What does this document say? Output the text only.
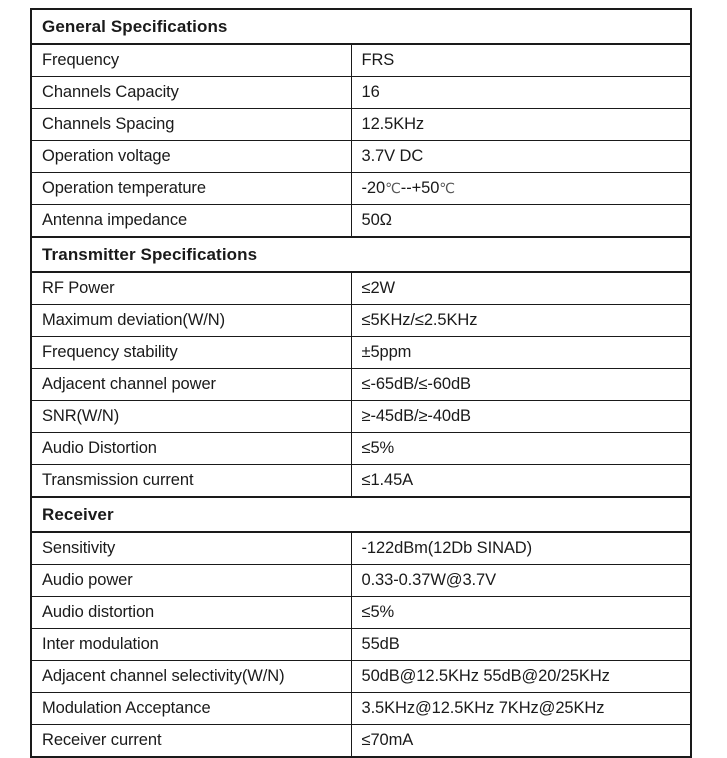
General Specifications	
Frequency	FRS
Channels Capacity	16
Channels Spacing	12.5KHz
Operation voltage	3.7V DC
Operation temperature	-20℃--+50℃
Antenna impedance	50Ω
Transmitter Specifications	
RF Power	≤2W
Maximum deviation(W/N)	≤5KHz/≤2.5KHz
Frequency stability	±5ppm
Adjacent channel power	≤-65dB/≤-60dB
SNR(W/N)	≥-45dB/≥-40dB
Audio Distortion	≤5%
Transmission current	≤1.45A
Receiver	
Sensitivity	-122dBm(12Db SINAD)
Audio power	0.33-0.37W@3.7V
Audio distortion	≤5%
Inter modulation	55dB
Adjacent channel selectivity(W/N)	50dB@12.5KHz 55dB@20/25KHz
Modulation Acceptance	3.5KHz@12.5KHz 7KHz@25KHz
Receiver current	≤70mA
